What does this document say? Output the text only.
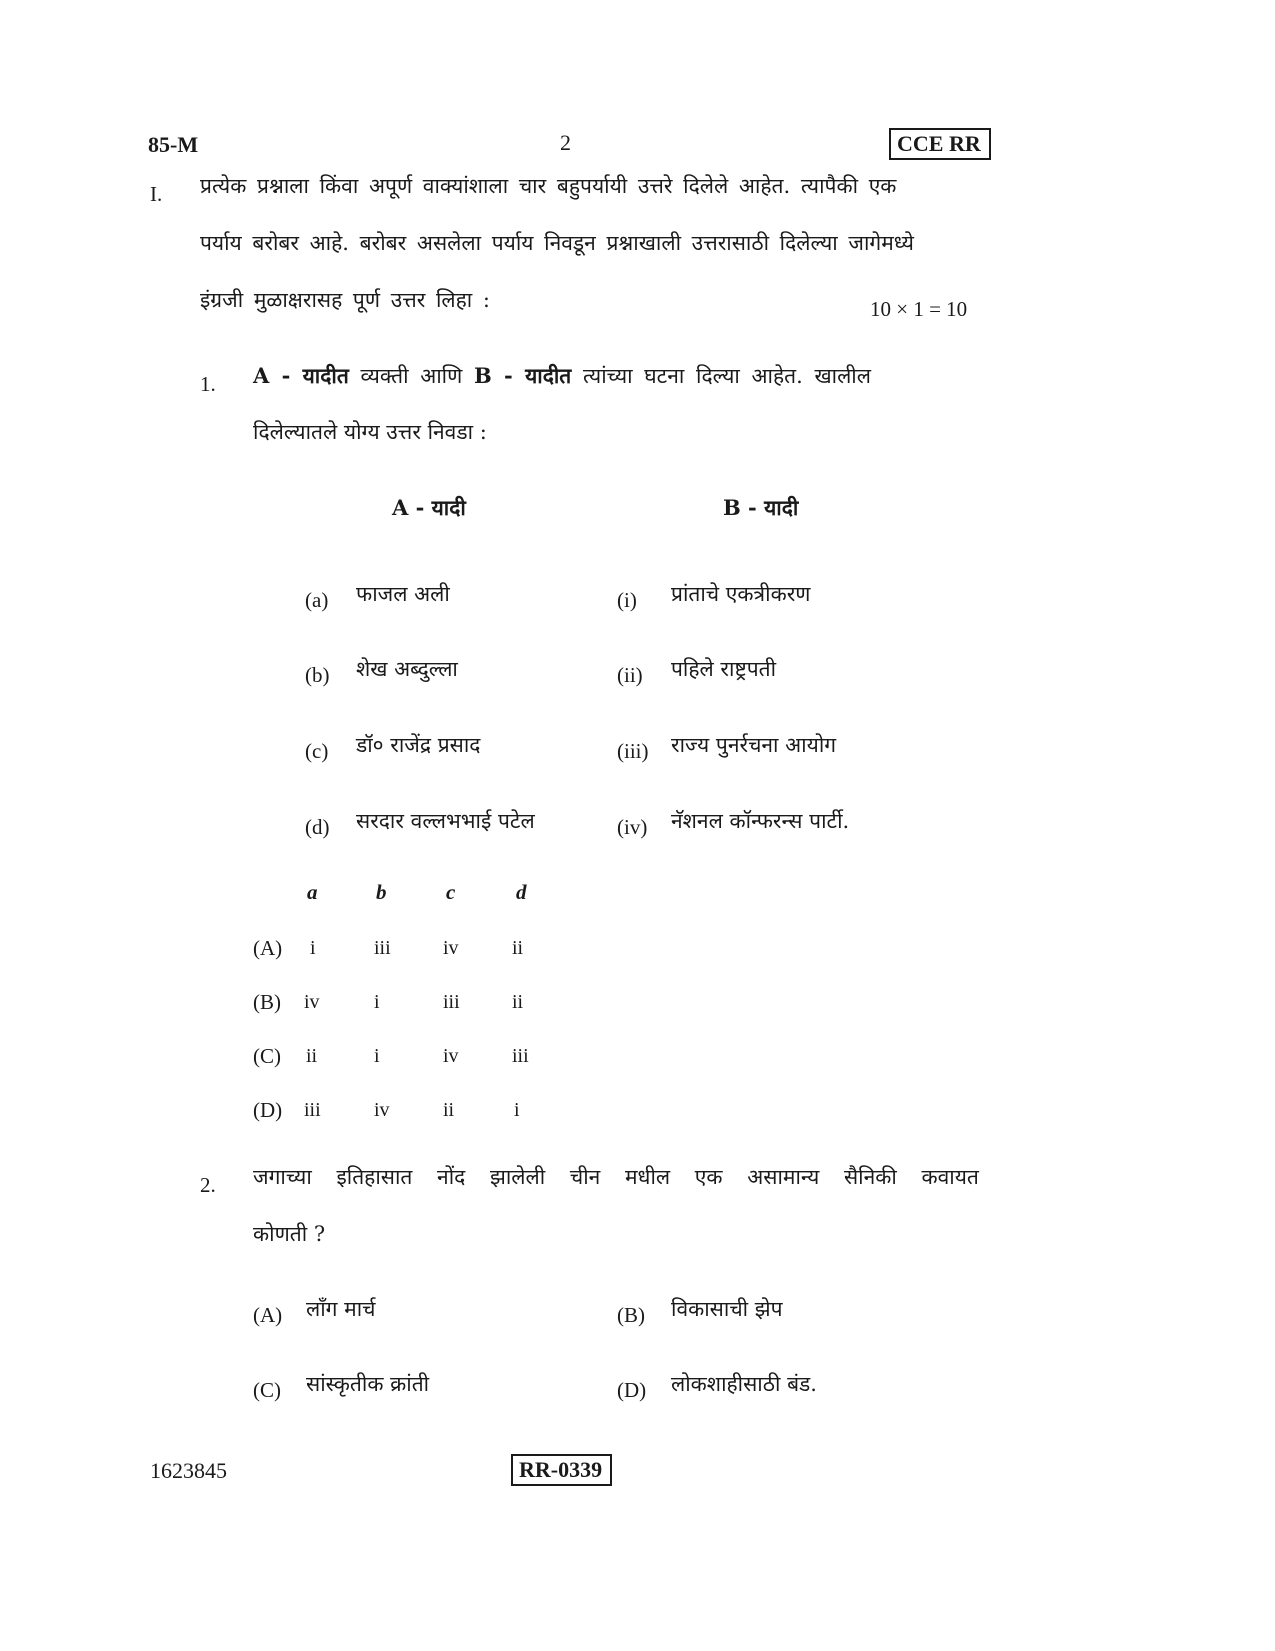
85-M	2	CCE RR
I. प्रत्येक प्रश्नाला किंवा अपूर्ण वाक्यांशाला चार बहुपर्यायी उत्तरे दिलेले आहेत. त्यापैकी एक
पर्याय बरोबर आहे. बरोबर असलेला पर्याय निवडून प्रश्नाखाली उत्तरासाठी दिलेल्या जागेमध्ये
इंग्रजी मुळाक्षरासह पूर्ण उत्तर लिहा :	10 × 1 = 10
1. A - यादीत व्यक्ती आणि B - यादीत त्यांच्या घटना दिल्या आहेत. खालील
दिलेल्यातले योग्य उत्तर निवडा :
A - यादी	B - यादी
(a) फाजल अली	(i) प्रांताचे एकत्रीकरण
(b) शेख अब्दुल्ला	(ii) पहिले राष्ट्रपती
(c) डॉ० राजेंद्र प्रसाद	(iii) राज्य पुनर्रचना आयोग
(d) सरदार वल्लभभाई पटेल	(iv) नॅशनल कॉन्फरन्स पार्टी.
a	b	c	d
(A) i	iii	iv	ii
(B) iv	i	iii	ii
(C) ii	i	iv	iii
(D) iii	iv	ii	i
2. जगाच्या इतिहासात नोंद झालेली चीन मधील एक असामान्य सैनिकी कवायत
कोणती ?
(A) लाँग मार्च	(B) विकासाची झेप
(C) सांस्कृतीक क्रांती	(D) लोकशाहीसाठी बंड.
1623845	RR-0339
